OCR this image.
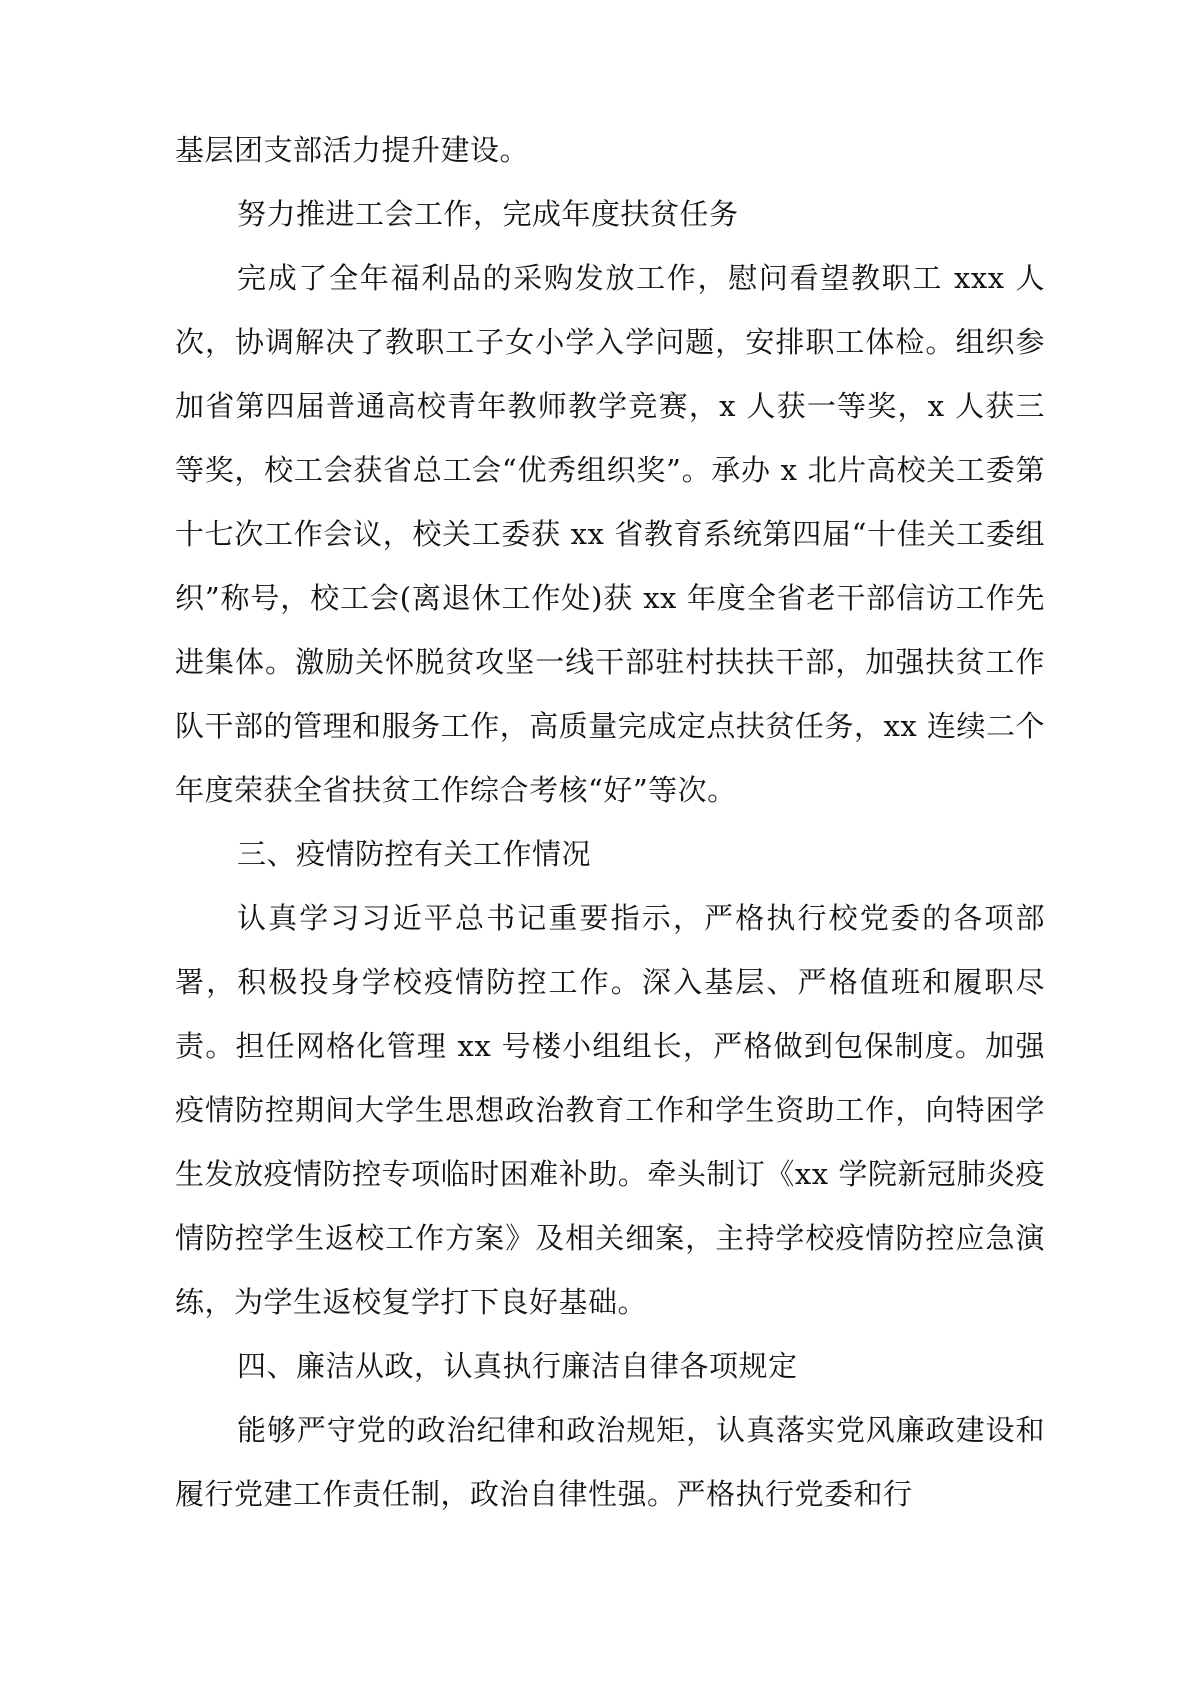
基层团支部活力提升建设。

努力推进工会工作，完成年度扶贫任务

完成了全年福利品的采购发放工作，慰问看望教职工 xxx 人次，协调解决了教职工子女小学入学问题，安排职工体检。组织参加省第四届普通高校青年教师教学竞赛，x 人获一等奖，x 人获三等奖，校工会获省总工会“优秀组织奖”。承办 x 北片高校关工委第十七次工作会议，校关工委获 xx 省教育系统第四届“十佳关工委组织”称号，校工会(离退休工作处)获 xx 年度全省老干部信访工作先进集体。激励关怀脱贫攻坚一线干部驻村扶扶干部，加强扶贫工作队干部的管理和服务工作，高质量完成定点扶贫任务，xx 连续二个年度荣获全省扶贫工作综合考核“好”等次。

三、疫情防控有关工作情况

认真学习习近平总书记重要指示，严格执行校党委的各项部署，积极投身学校疫情防控工作。深入基层、严格值班和履职尽责。担任网格化管理 xx 号楼小组组长，严格做到包保制度。加强疫情防控期间大学生思想政治教育工作和学生资助工作，向特困学生发放疫情防控专项临时困难补助。牵头制订《xx 学院新冠肺炎疫情防控学生返校工作方案》及相关细案，主持学校疫情防控应急演练，为学生返校复学打下良好基础。

四、廉洁从政，认真执行廉洁自律各项规定

能够严守党的政治纪律和政治规矩，认真落实党风廉政建设和履行党建工作责任制，政治自律性强。严格执行党委和行
